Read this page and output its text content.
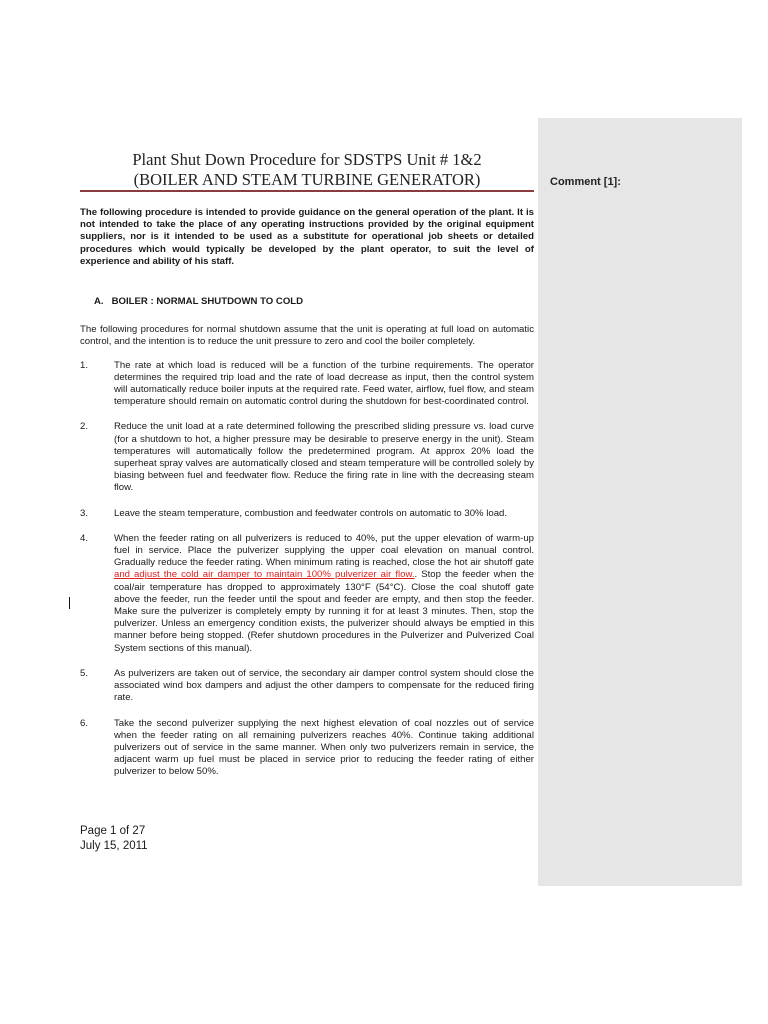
Comment [1]:
Plant Shut Down Procedure for SDSTPS Unit # 1&2
(BOILER AND STEAM TURBINE GENERATOR)

The following procedure is intended to provide guidance on the general operation of the plant. It is not intended to take the place of any operating instructions provided by the original equipment suppliers, nor is it intended to be used as a substitute for operational job sheets or detailed procedures which would typically be developed by the plant operator, to suit the level of experience and ability of his staff.

A.   BOILER : NORMAL SHUTDOWN TO COLD

The following procedures for normal shutdown assume that the unit is operating at full load on automatic control, and the intention is to reduce the unit pressure to zero and cool the boiler completely.

1.	The rate at which load is reduced will be a function of the turbine requirements. The operator determines the required trip load and the rate of load decrease as input, then the control system will automatically reduce boiler inputs at the required rate. Feed water, airflow, fuel flow, and steam temperature should remain on automatic control during the shutdown for best-coordinated control.
2.	Reduce the unit load at a rate determined following the prescribed sliding pressure vs. load curve (for a shutdown to hot, a higher pressure may be desirable to preserve energy in the unit). Steam temperatures will automatically follow the predetermined program. At approx 20% load the superheat spray valves are automatically closed and steam temperature will be controlled solely by biasing between fuel and feedwater flow. Reduce the firing rate in line with the decreasing steam flow.
3.	Leave the steam temperature, combustion and feedwater controls on automatic to 30% load.
4.	When the feeder rating on all pulverizers is reduced to 40%, put the upper elevation of warm-up fuel in service. Place the pulverizer supplying the upper coal elevation on manual control. Gradually reduce the feeder rating. When minimum rating is reached, close the hot air shutoff gate and adjust the cold air damper to maintain 100% pulverizer air flow.. Stop the feeder when the coal/air temperature has dropped to approximately 130°F (54°C). Close the coal shutoff gate above the feeder, run the feeder until the spout and feeder are empty, and then stop the feeder. Make sure the pulverizer is completely empty by running it for at least 3 minutes. Then, stop the pulverizer. Unless an emergency condition exists, the pulverizer should always be emptied in this manner before being stopped. (Refer shutdown procedures in the Pulverizer and Pulverized Coal System sections of this manual).
5.	As pulverizers are taken out of service, the secondary air damper control system should close the associated wind box dampers and adjust the other dampers to compensate for the reduced firing rate.
6.	Take the second pulverizer supplying the next highest elevation of coal nozzles out of service when the feeder rating on all remaining pulverizers reaches 40%. Continue taking additional pulverizers out of service in the same manner. When only two pulverizers remain in service, the adjacent warm up fuel must be placed in service prior to reducing the feeder rating of either pulverizer to below 50%.
Page 1 of 27
July 15, 2011
